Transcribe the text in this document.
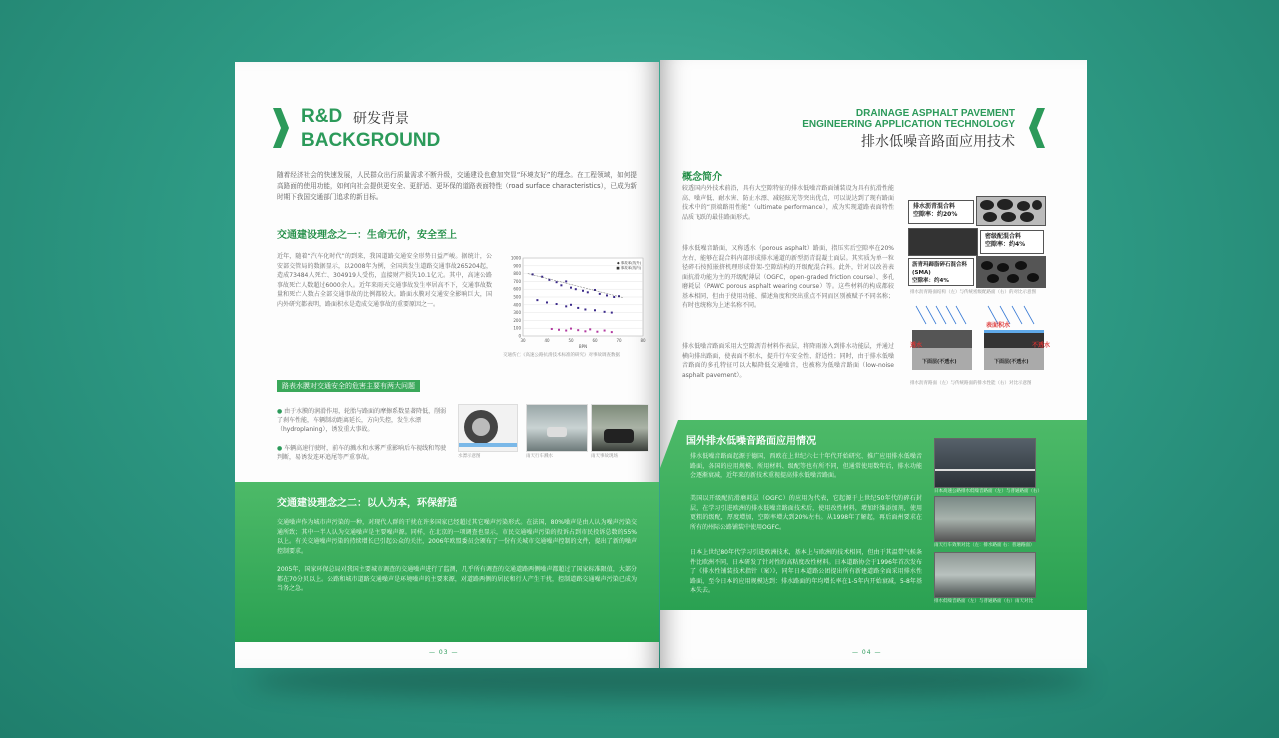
R&D 研发背景
BACKGROUND
随着经济社会的快速发展，人民群众出行质量需求不断升级，交通建设也愈加突显“环境友好”的理念。在工程领域，如何提高路面的使用功能，如何向社会提供更安全、更舒适、更环保的道路表面特性（road surface characteristics），已成为新时期下我国交通部门追求的新目标。
交通建设理念之一：生命无价，安全至上
近年，随着“汽车化时代”的到来，我国道路交通安全形势日益严峻。据统计，公安部交管局的数据显示，以2008年为例，全国共发生道路交通事故265204起，造成73484人死亡、304919人受伤，直接财产损失10.1亿元。其中，高速公路事故死亡人数超过6000余人。近年来雨天交通事故发生率居高不下，交通事故数量和死亡人数占全部交通事故的比例都较大。路面水膜对交通安全影响巨大，国内外研究都表明，路面积水是造成交通事故的重要原因之一。
0
100
200
300
400
500
600
700
800
900
1000
30	40	50	60	70	80
BPN
◆ 事故率(线外)
■ 事故率(线内)
交通伤亡《高速公路抗滑技术标准的研究》对事故调查数据
路表水膜对交通安全的危害主要有两大问题
● 由于水膜的润滑作用，轮胎与路面的摩擦系数显著降低，削弱了刹车性能，车辆制动距离延长，方向失控，发生水漂（hydroplaning），诱发重大事故。
● 车辆高速行驶时，前车的溅水和水雾严重影响后车视线和驾驶判断，易诱发连环追尾等严重事故。	水漂示意图	雨天行车溅水	雨天事故现场
交通建设理念之二：以人为本，环保舒适
交通噪声作为城市声污染的一种，对现代人群的干扰在许多国家已经超过其它噪声污染形式。在法国，80%噪声是由人认为噪声污染交通所致；其中一半人认为交通噪声是主要噪声源。同样，在北京的一项调查也显示，市民交通噪声污染的投诉占到市民投诉总数的55%以上。有关交通噪声污染的持续增长已引起公众的关注，2006年欧盟委员会颁布了一份有关城市交通噪声控制的文件，提出了新的噪声控制要求。
2005年，国家环保总局对我国主要城市调查的交通噪声进行了监测，几乎所有调查的交通道路两侧噪声都超过了国家标准限值，大部分都在70分贝以上。公路和城市道路交通噪声是环境噪声的主要来源，对道路两侧的居民和行人产生干扰，控制道路交通噪声污染已成为当务之急。
— 03 —
DRAINAGE ASPHALT PAVEMENT
ENGINEERING APPLICATION TECHNOLOGY
排水低噪音路面应用技术
概念简介
较透国内外技术前沿，具有大空隙特征的排水低噪音路面铺装设为具有抗滑性能高、噪声低、耐水害、防止水漂、减轻眩光等突出优点，可以说达到了现有路面技术中的“顶端路用性能”（ultimate performance），成为实现道路表面特性品质飞跃的最佳路面形式。
排水低噪音路面，又称透水（porous asphalt）路面，指压实后空隙率在20%左右，能够在混合料内部形成排水通道的新型沥青混凝土面层。其实质为单一粒径碎石按照嵌挤机理形成骨架-空隙结构的开级配混合料。此外，针对以改善表面抗滑功能为主的开级配薄层（OGFC，open-graded friction course）、多孔磨耗层（PAWC porous asphalt wearing course）等。这些材料的构成都较基本相同，但由于使用功能、描述角度和突出重点不同而区别被赋予不同名称；有时也统称为上述名称不同。
排水低噪音路面采用大空隙沥青材料作表层，将降雨渗入到排水功能层，并通过横向排出路面，使表面不积水，提升行车安全性、舒适性；同时，由于排水低噪音路面的多孔特征可以大幅降低交通噪音，也被称为低噪音路面（low-noise asphalt pavement）。
排水沥青混合料
空隙率：约20%
密级配混合料
空隙率：约4%
沥青玛蹄脂碎石混合料(SMA)
空隙率：约4%
排水沥青路面结构（左）与传统密级配路面（右）的对比示意图
透水
表面积水
不透水
下面层(不透水)	下面层(不透水)
排水沥青路面（左）与传统路面的排水性能（右）对比示意图
国外排水低噪音路面应用情况
排水低噪音路面起源于德国，西欧在上世纪六七十年代开始研究、推广应用排水低噪音路面，各国的应用规模、所用材料、级配等也有所不同，但通常使用数年后，排水功能会逐渐衰减，近年来的新技术重视提高排水低噪音路面。
美国以开级配抗滑磨耗层（OGFC）的应用为代表，它起源于上世纪50年代的碎石封层，在学习引进欧洲的排水低噪音路面技术后，使用改性材料，增加纤维添加剂，使用更粗的级配，厚度增加，空隙率增大到20%左右。从1998年了解起，再后面州要求在所有的州际公路铺装中使用OGFC。
日本上世纪80年代学习引进欧洲技术，基本上与欧洲的技术相同，但由于其温带气候条件比欧洲不同，日本研发了针对性的高粘度改性材料。日本道路协会于1996年首次发布了《排水性铺装技术指针（案）》，同年日本道路公团提出所有新建道路全面采用排水性路面，至今日本的应用规模达到：排水路面的年均增长率在1-5年内开始衰减，5-8年基本失去。
日本高速公路排水低噪音路面（左）与普通路面（右）
雨天行车效果对比（左：排水路面 右：普通路面）
排水低噪音路面（左）与普通路面（右）雨天对比
— 04 —
